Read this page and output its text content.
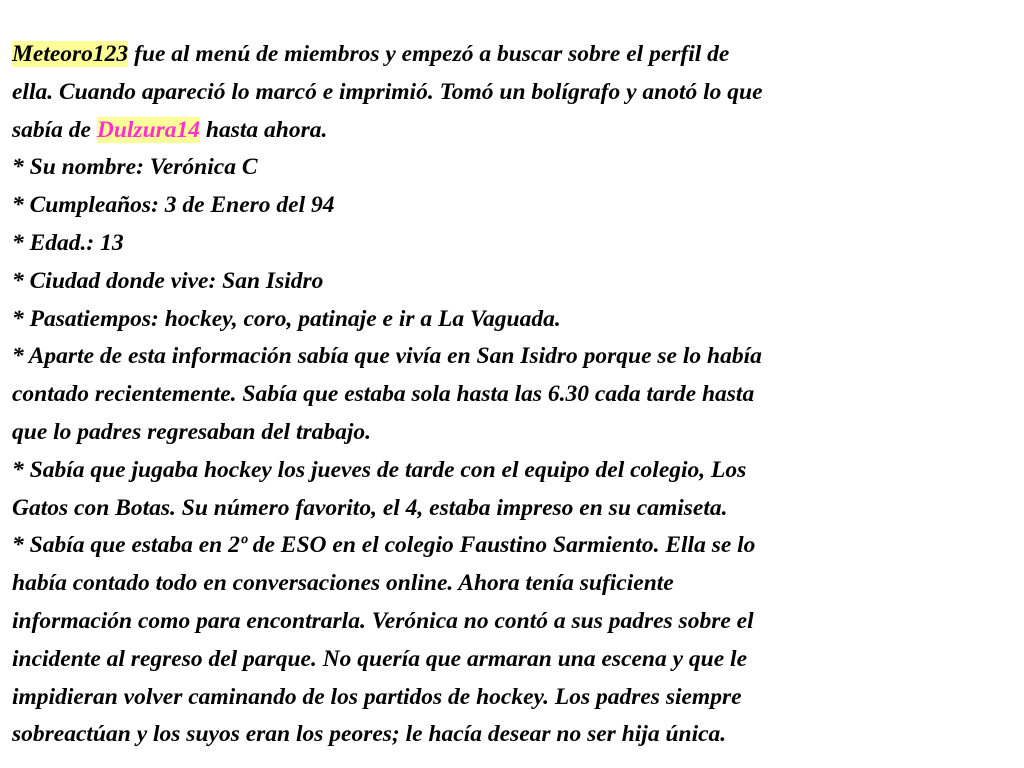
Meteoro123 fue al menú de miembros y empezó a buscar sobre el perfil de
ella. Cuando apareció lo marcó e imprimió. Tomó un bolígrafo y anotó lo que
sabía de Dulzura14 hasta ahora.
* Su nombre: Verónica C
* Cumpleaños: 3 de Enero del 94
* Edad.: 13
* Ciudad donde vive: San Isidro
* Pasatiempos: hockey, coro, patinaje e ir a La Vaguada.
* Aparte de esta información sabía que vivía en San Isidro porque se lo había
contado recientemente. Sabía que estaba sola hasta las 6.30 cada tarde hasta
que lo padres regresaban del trabajo.
* Sabía que jugaba hockey los jueves de tarde con el equipo del colegio, Los
Gatos con Botas. Su número favorito, el 4, estaba impreso en su camiseta.
* Sabía que estaba en 2º de ESO en el colegio Faustino Sarmiento. Ella se lo
había contado todo en conversaciones online. Ahora tenía suficiente
información como para encontrarla. Verónica no contó a sus padres sobre el
incidente al regreso del parque. No quería que armaran una escena y que le
impidieran volver caminando de los partidos de hockey. Los padres siempre
sobreactúan y los suyos eran los peores; le hacía desear no ser hija única.
